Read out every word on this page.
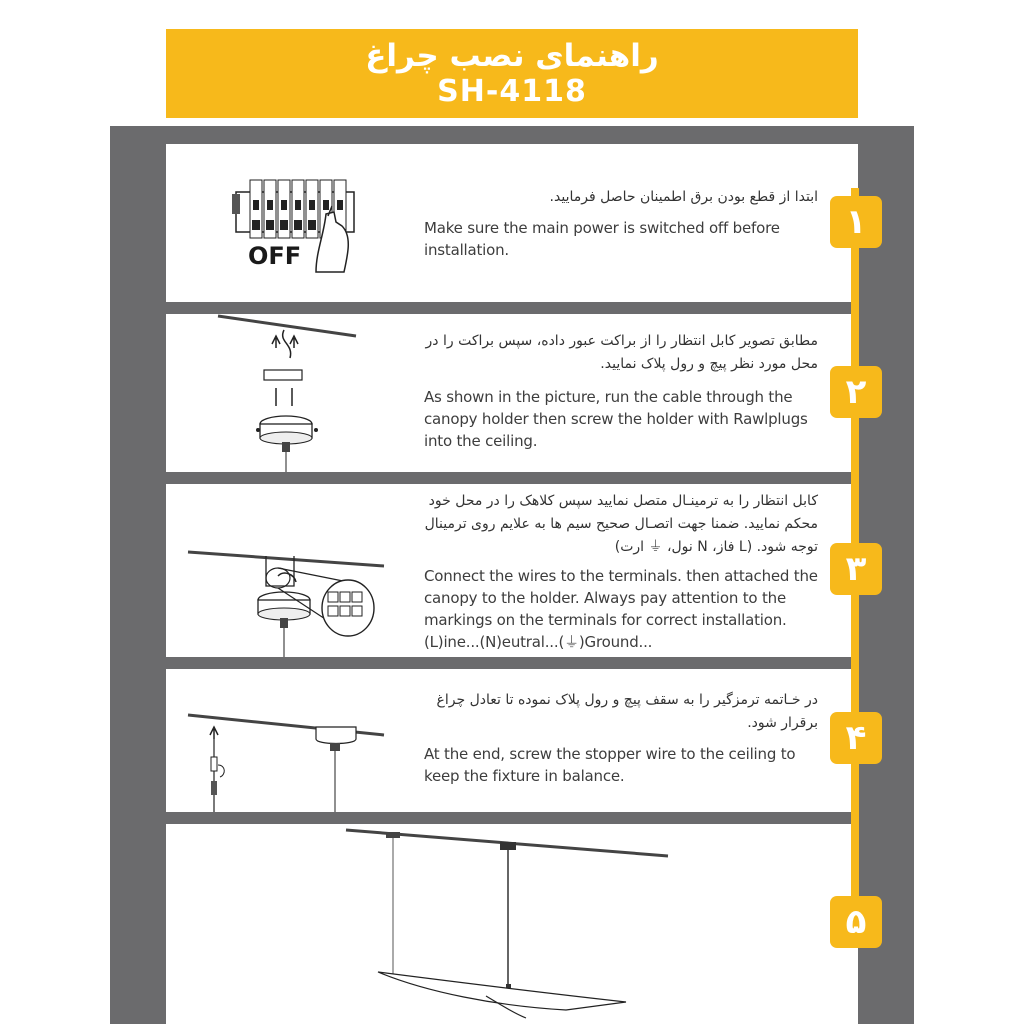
راهنمای نصب چراغ
SH-4118
OFF

ابتدا از قطع بودن برق اطمینان حاصل فرمایید.

Make sure the main power is switched off before installation.

مطابق تصویر کابل انتظار را از براکت عبور داده، سپس براکت را در محل مورد نظر پیچ و رول پلاک نمایید.

As shown in the picture, run the cable through the canopy holder then screw the holder with Rawlplugs into the ceiling.

کابل انتظار را به ترمینـال متصل نمایید سپس کلاهک را در محل خود محکم نمایید. ضمنا جهت اتصـال صحیح سیم ها به علایم روی ترمینال توجه شود. (L فاز، N نول، ⏚ ارت)

Connect the wires to the terminals. then attached the canopy to the holder. Always pay attention to the markings on the terminals for correct installation. (L)ine...(N)eutral...(⏚)Ground...

در خـاتمه ترمزگیر را به سقف پیچ و رول پلاک نموده تا تعادل چراغ برقرار شود.

At the end, screw the stopper wire to the ceiling to keep the fixture in balance.

۱
۲
۳
۴
۵
